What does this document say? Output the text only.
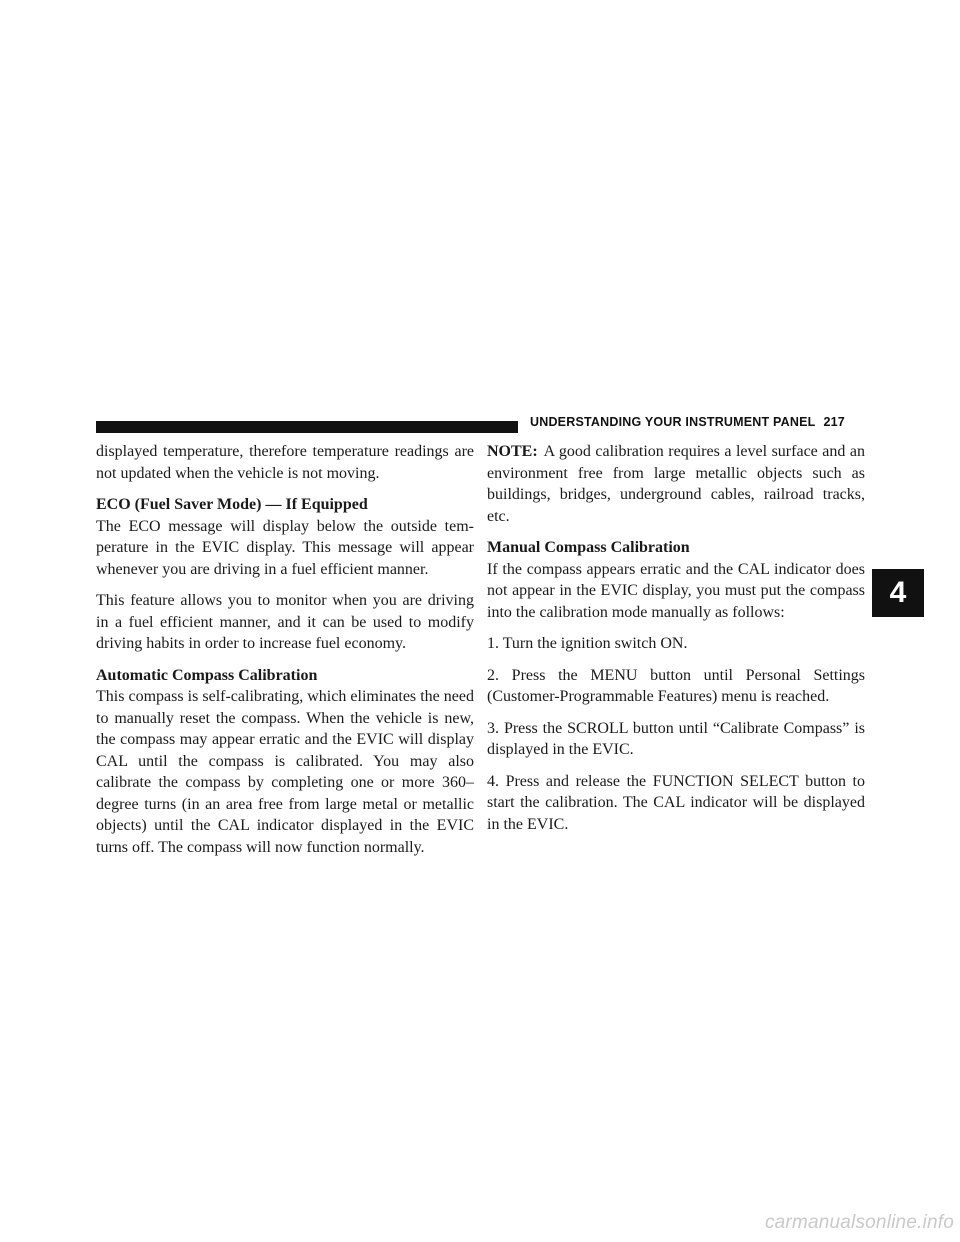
UNDERSTANDING YOUR INSTRUMENT PANEL 217

displayed temperature, therefore temperature readings are not updated when the vehicle is not moving.

ECO (Fuel Saver Mode) — If Equipped

The ECO message will display below the outside tem-perature in the EVIC display. This message will appear whenever you are driving in a fuel efficient manner.

This feature allows you to monitor when you are driving in a fuel efficient manner, and it can be used to modify driving habits in order to increase fuel economy.

Automatic Compass Calibration

This compass is self-calibrating, which eliminates the need to manually reset the compass. When the vehicle is new, the compass may appear erratic and the EVIC will display CAL until the compass is calibrated. You may also calibrate the compass by completing one or more 360–degree turns (in an area free from large metal or metallic objects) until the CAL indicator displayed in the EVIC turns off. The compass will now function normally.

NOTE: A good calibration requires a level surface and an environment free from large metallic objects such as buildings, bridges, underground cables, railroad tracks, etc.

Manual Compass Calibration

If the compass appears erratic and the CAL indicator does not appear in the EVIC display, you must put the compass into the calibration mode manually as follows:

1. Turn the ignition switch ON.

2. Press the MENU button until Personal Settings (Customer-Programmable Features) menu is reached.

3. Press the SCROLL button until “Calibrate Compass” is displayed in the EVIC.

4. Press and release the FUNCTION SELECT button to start the calibration. The CAL indicator will be displayed in the EVIC.

4
carmanualsonline.info
